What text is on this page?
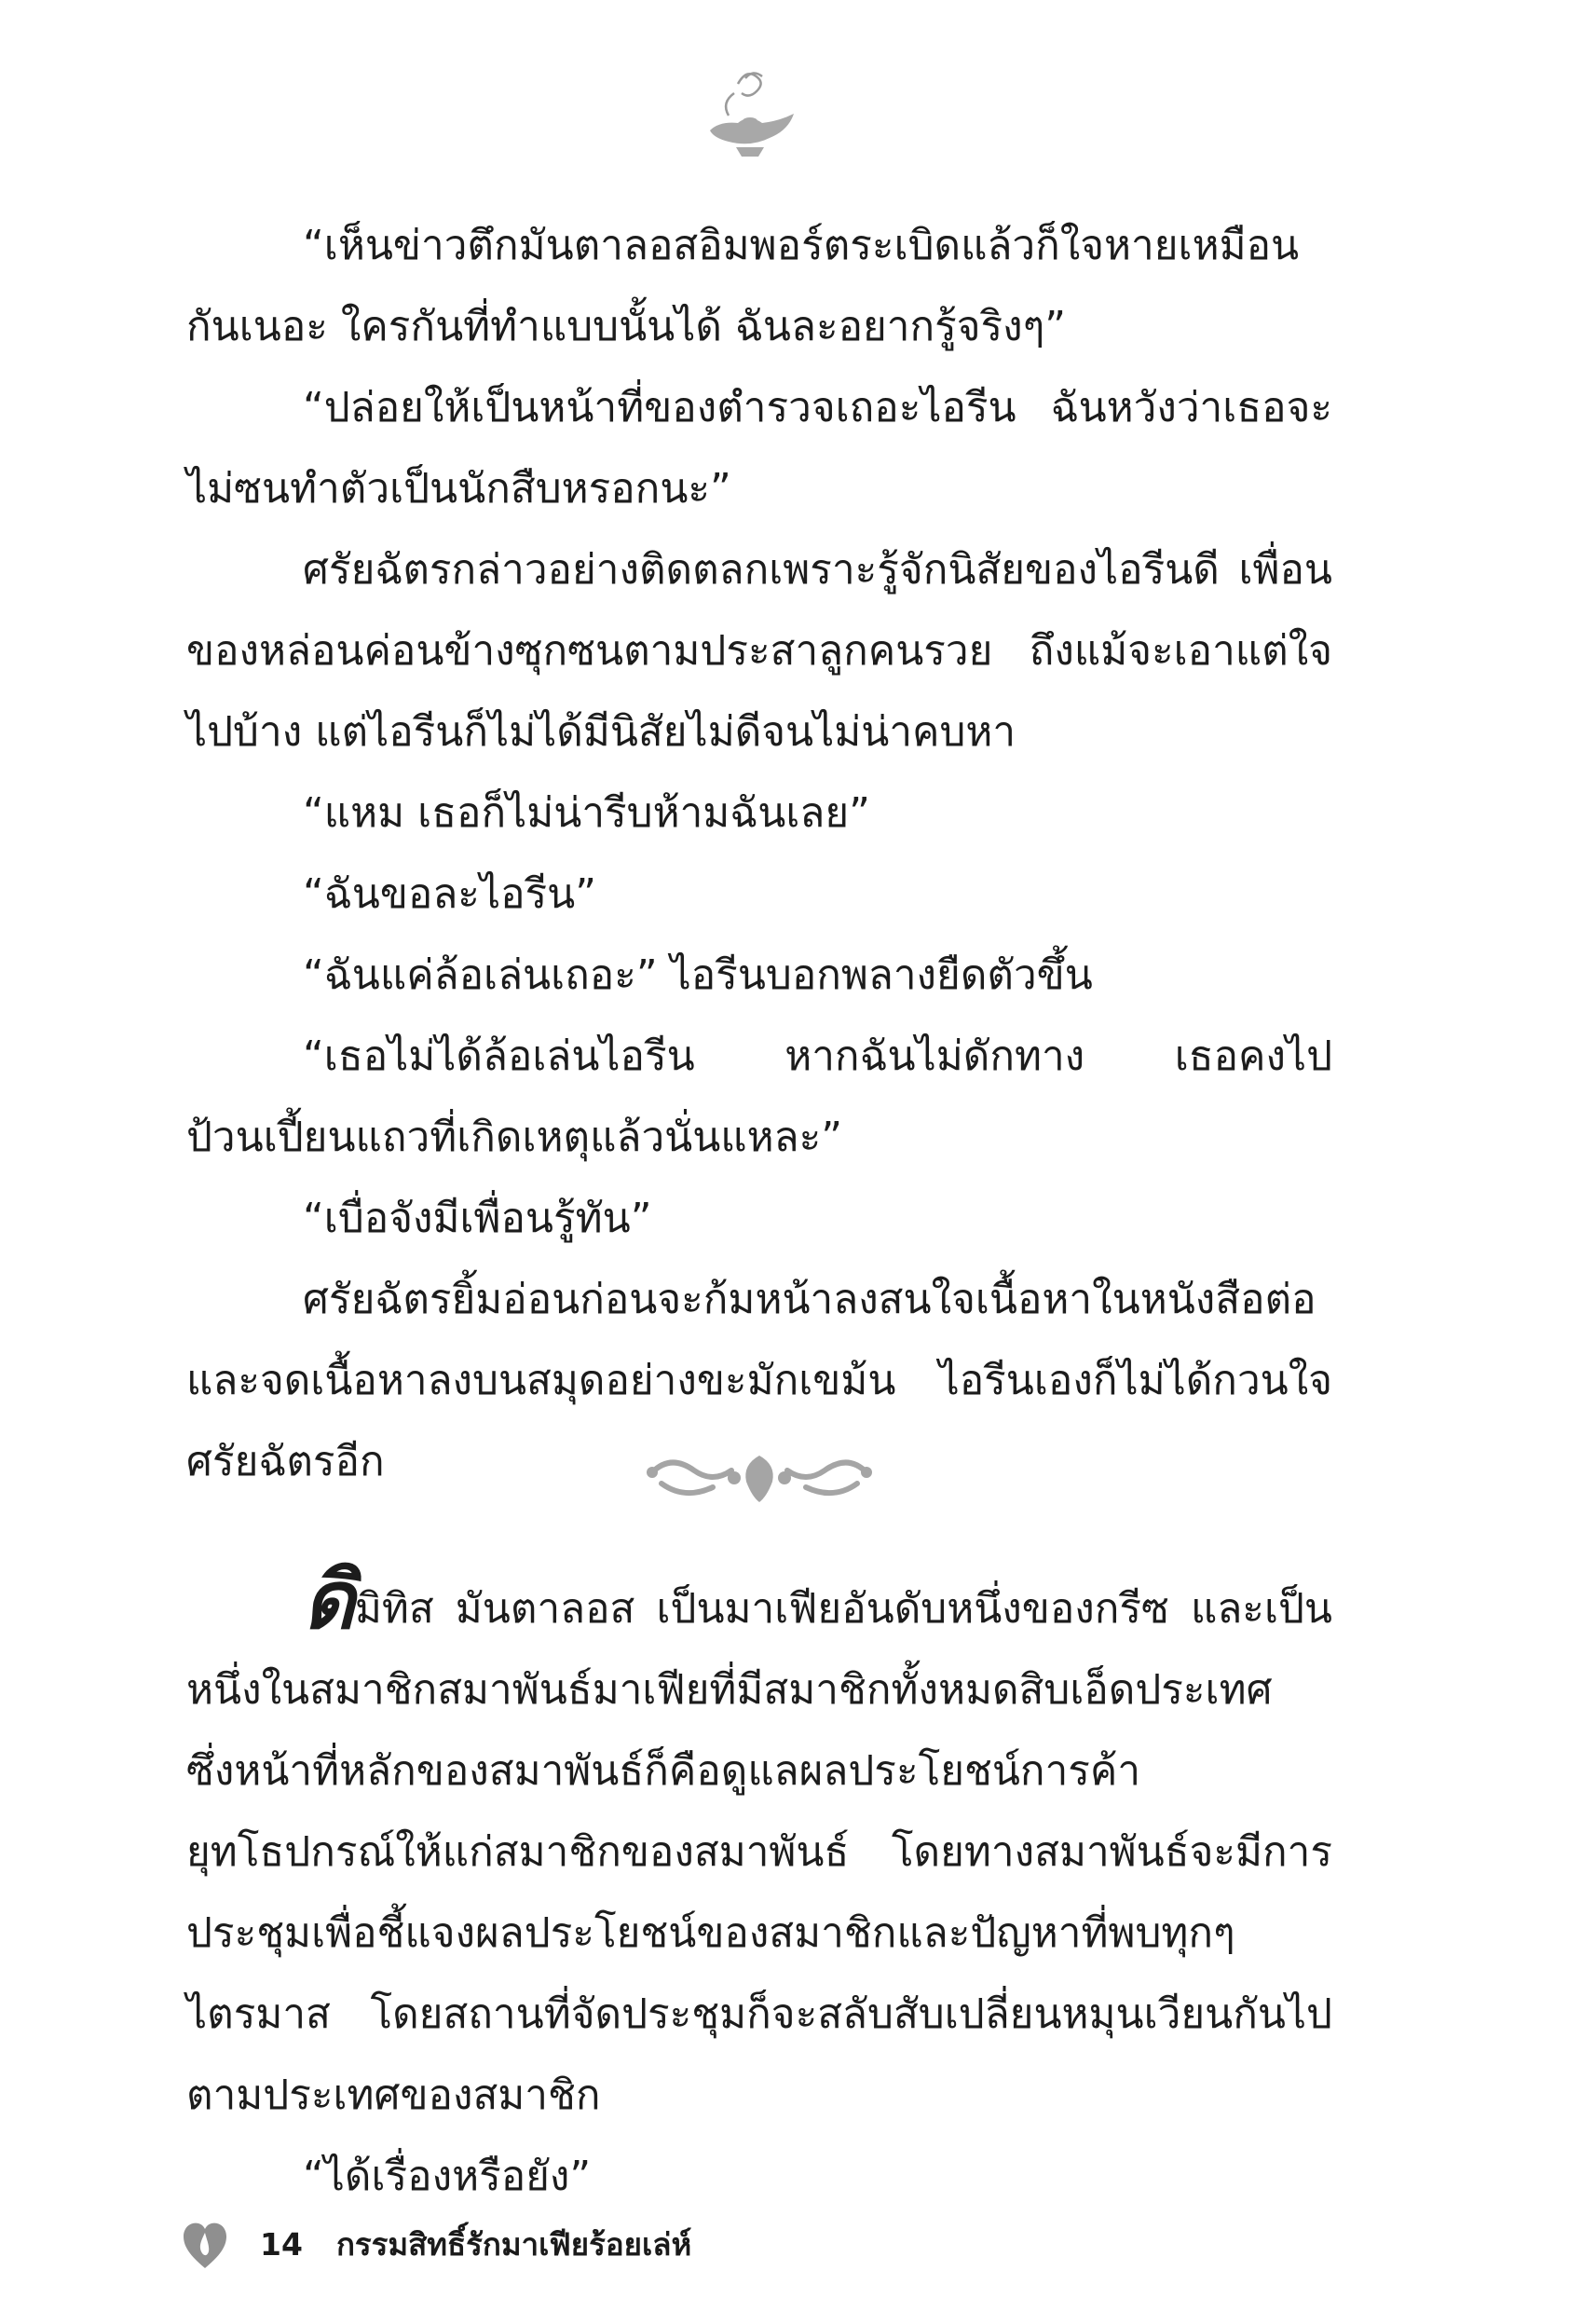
“เห็นข่าวตึกมันตาลอสอิมพอร์ตระเบิดแล้วก็ใจหายเหมือนกันเนอะ ใครกันที่ทำแบบนั้นได้ ฉันละอยากรู้จริงๆ”

“ปล่อยให้เป็นหน้าที่ของตำรวจเถอะไอรีน ฉันหวังว่าเธอจะไม่ซนทำตัวเป็นนักสืบหรอกนะ”

ศรัยฉัตรกล่าวอย่างติดตลกเพราะรู้จักนิสัยของไอรีนดี เพื่อนของหล่อนค่อนข้างซุกซนตามประสาลูกคนรวย ถึงแม้จะเอาแต่ใจไปบ้าง แต่ไอรีนก็ไม่ได้มีนิสัยไม่ดีจนไม่น่าคบหา

“แหม เธอก็ไม่น่ารีบห้ามฉันเลย”

“ฉันขอละไอรีน”

“ฉันแค่ล้อเล่นเถอะ” ไอรีนบอกพลางยืดตัวขึ้น

“เธอไม่ได้ล้อเล่นไอรีน หากฉันไม่ดักทาง เธอคงไปป้วนเปี้ยนแถวที่เกิดเหตุแล้วนั่นแหละ”

“เบื่อจังมีเพื่อนรู้ทัน”

ศรัยฉัตรยิ้มอ่อนก่อนจะก้มหน้าลงสนใจเนื้อหาในหนังสือต่อและจดเนื้อหาลงบนสมุดอย่างขะมักเขม้น ไอรีนเองก็ไม่ได้กวนใจศรัยฉัตรอีก

ดิมิทิส มันตาลอส เป็นมาเฟียอันดับหนึ่งของกรีซ และเป็นหนึ่งในสมาชิกสมาพันธ์มาเฟียที่มีสมาชิกทั้งหมดสิบเอ็ดประเทศ ซึ่งหน้าที่หลักของสมาพันธ์ก็คือดูแลผลประโยชน์การค้ายุทโธปกรณ์ให้แก่สมาชิกของสมาพันธ์ โดยทางสมาพันธ์จะมีการประชุมเพื่อชี้แจงผลประโยชน์ของสมาชิกและปัญหาที่พบทุกๆ ไตรมาส โดยสถานที่จัดประชุมก็จะสลับสับเปลี่ยนหมุนเวียนกันไปตามประเทศของสมาชิก

“ได้เรื่องหรือยัง”

14 กรรมสิทธิ์รักมาเฟียร้อยเล่ห์
